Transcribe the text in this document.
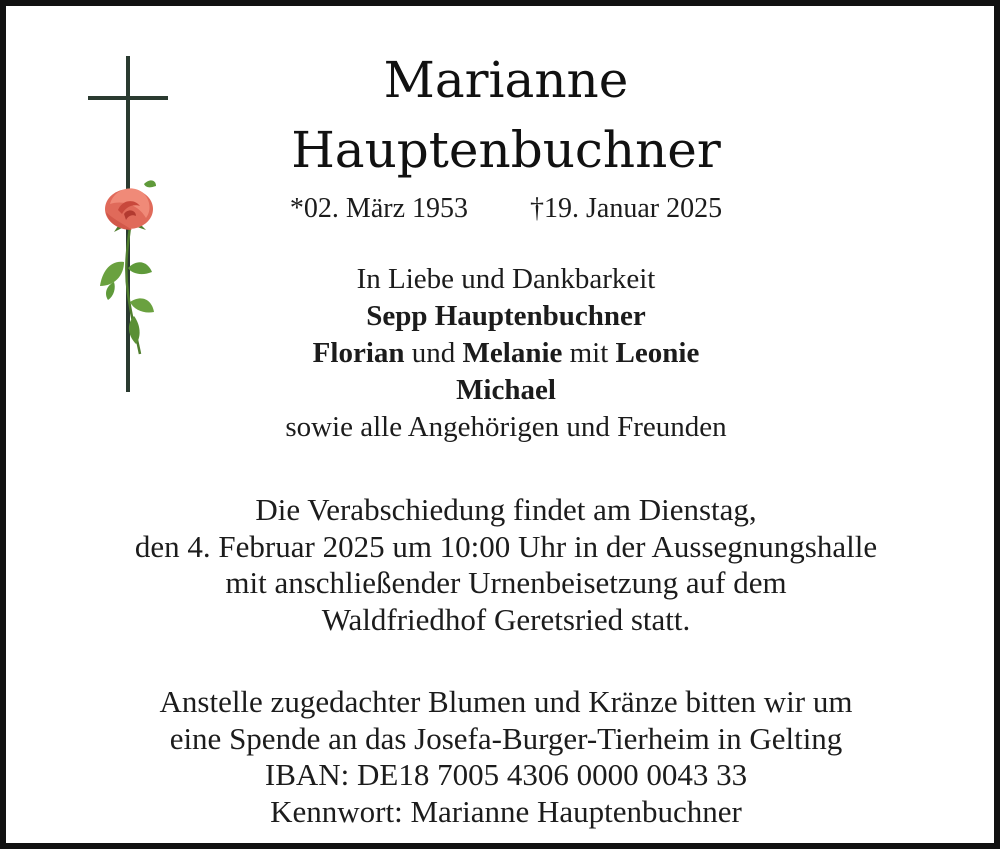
Marianne
Hauptenbuchner
*02. März 1953 †19. Januar 2025
In Liebe und Dankbarkeit
Sepp Hauptenbuchner
Florian und Melanie mit Leonie
Michael
sowie alle Angehörigen und Freunden
Die Verabschiedung findet am Dienstag,
den 4. Februar 2025 um 10:00 Uhr in der Aussegnungshalle
mit anschließender Urnenbeisetzung auf dem
Waldfriedhof Geretsried statt.
Anstelle zugedachter Blumen und Kränze bitten wir um
eine Spende an das Josefa-Burger-Tierheim in Gelting
IBAN: DE18 7005 4306 0000 0043 33
Kennwort: Marianne Hauptenbuchner
